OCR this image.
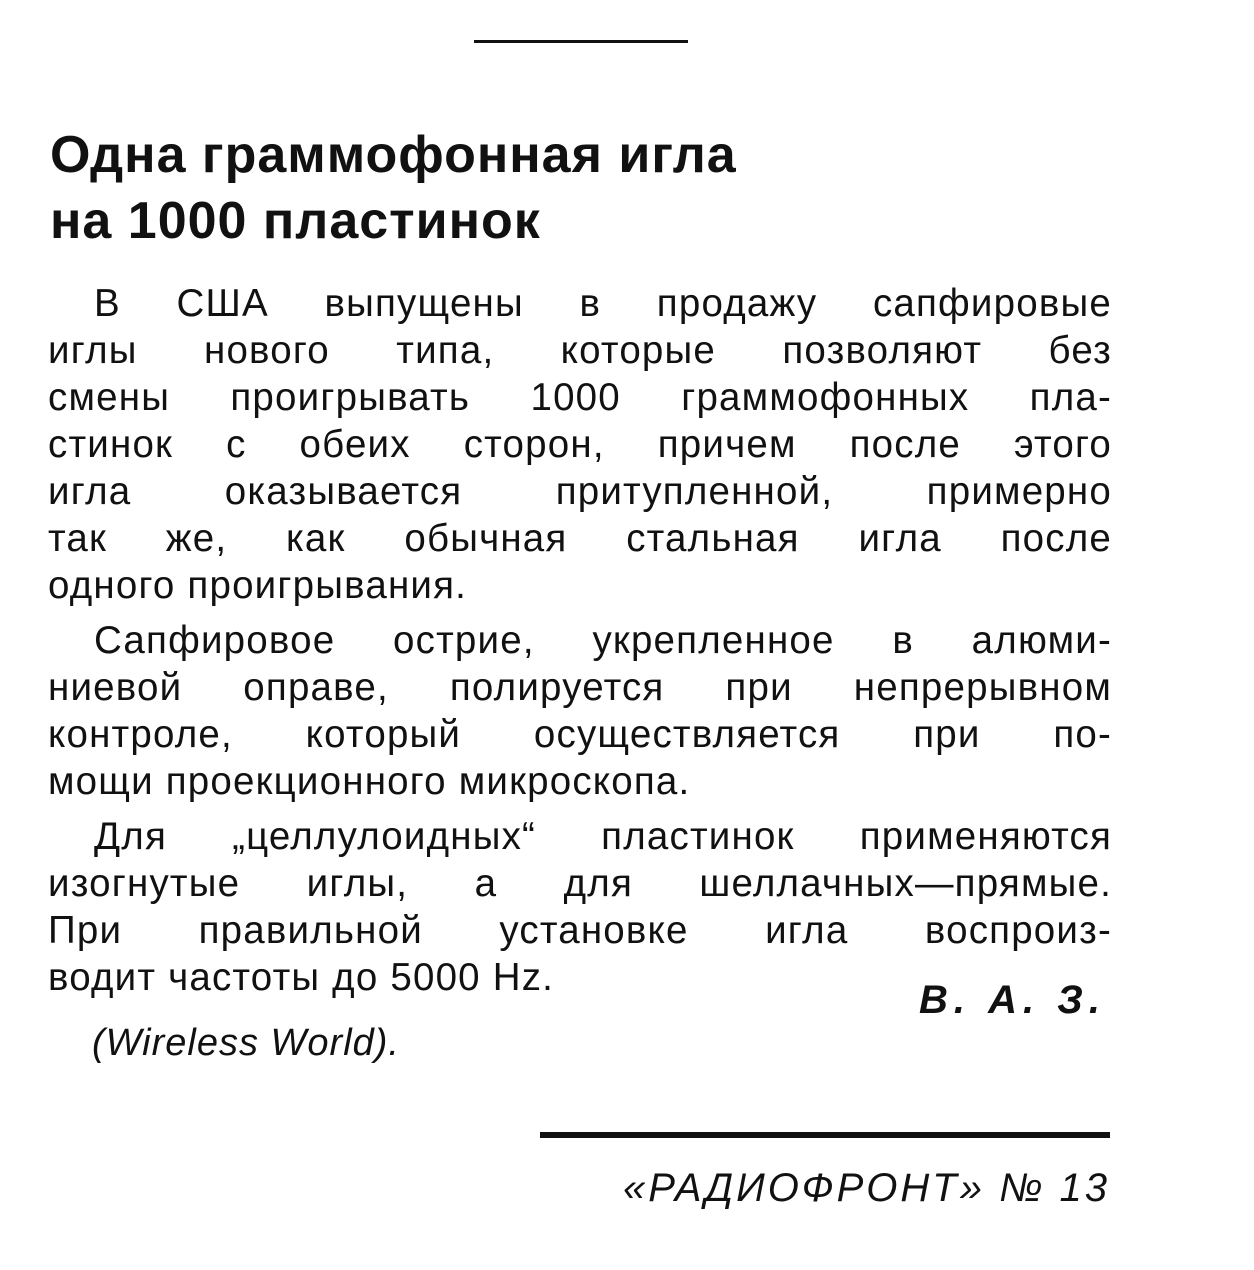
Одна граммофонная игла
на 1000 пластинок

В США выпущены в продажу сапфировые
иглы нового типа, которые позволяют без
смены проигрывать 1000 граммофонных пла-
стинок с обеих сторон, причем после этого
игла оказывается притупленной, примерно
так же, как обычная стальная игла после
одного проигрывания.

Сапфировое острие, укрепленное в алюми-
ниевой оправе, полируется при непрерывном
контроле, который осуществляется при по-
мощи проекционного микроскопа.

Для „целлулоидных“ пластинок применяются
изогнутые иглы, а для шеллачных—прямые.
При правильной установке игла воспроиз-
водит частоты до 5000 Hz.

В. А. З.
(Wireless World).
«РАДИОФРОНТ» № 13
